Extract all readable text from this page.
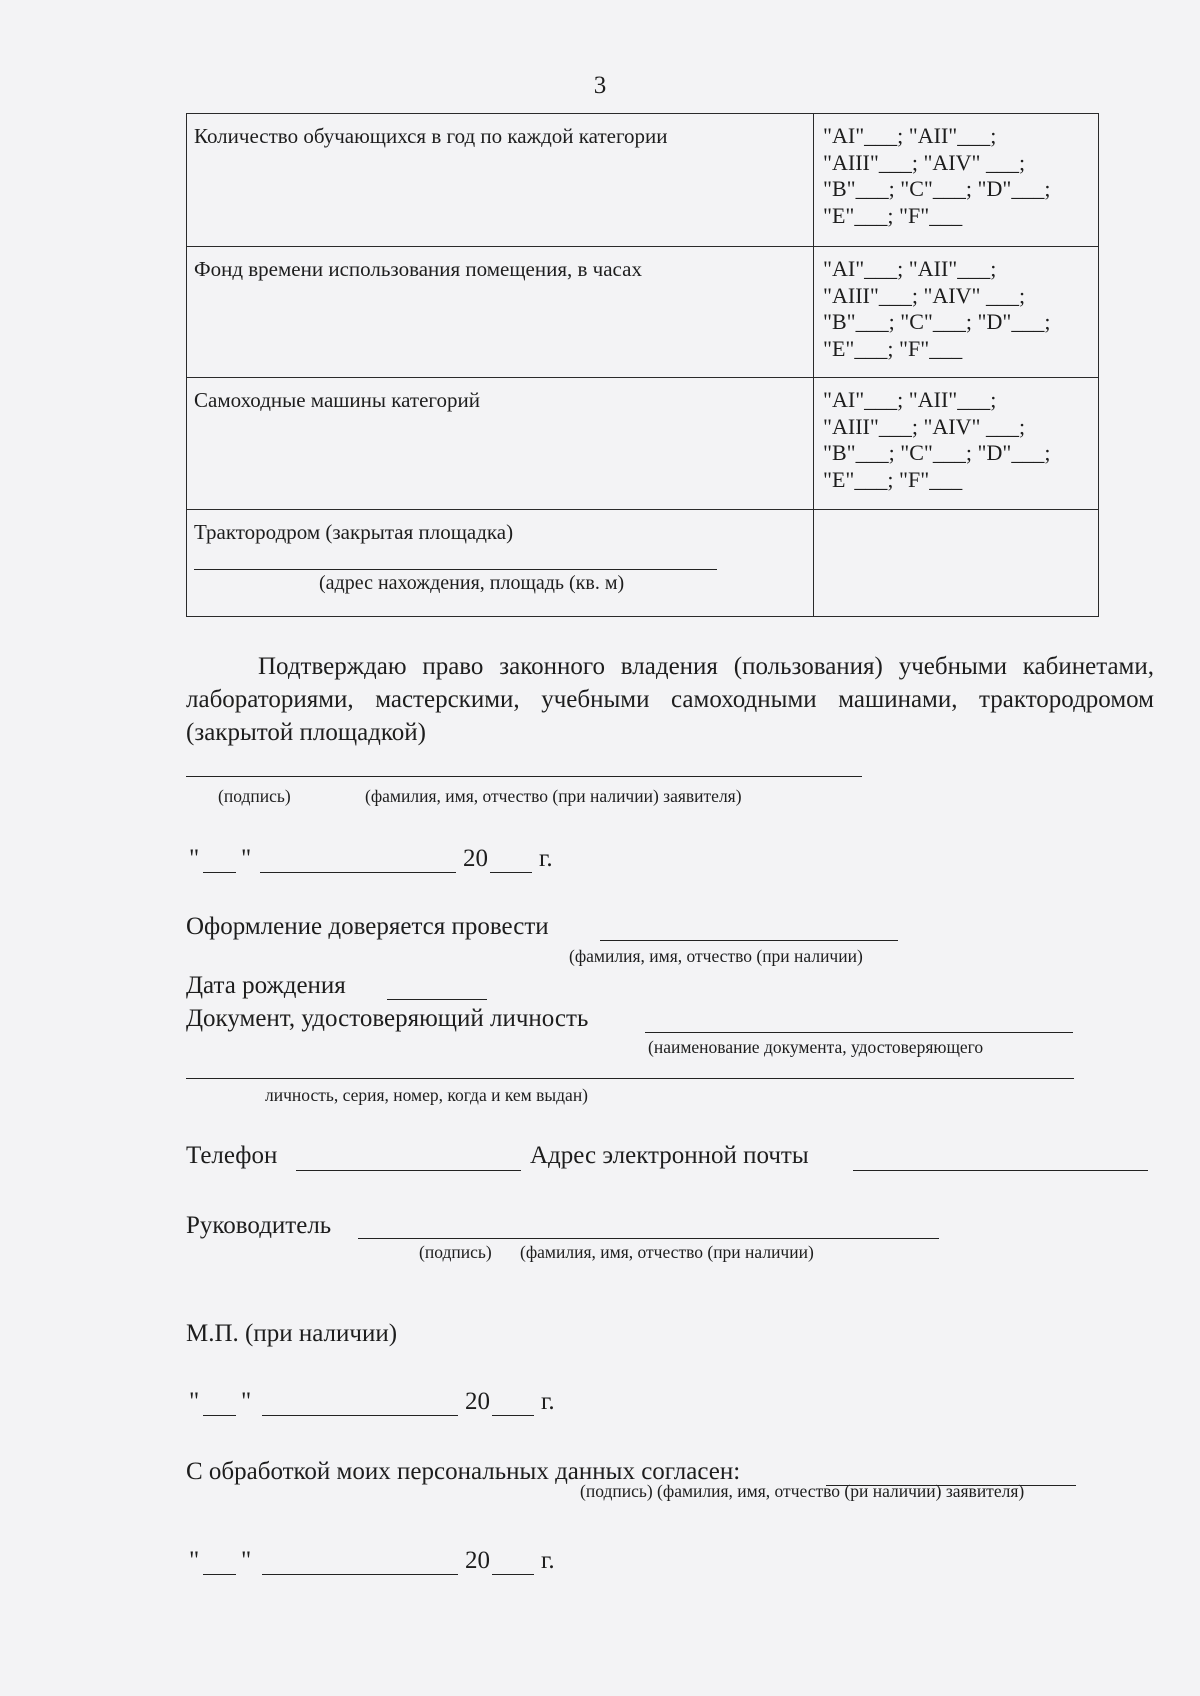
3
Количество обучающихся в год по каждой категории	"AI"___; "AII"___;
"AIII"___; "AIV" ___;
"B"___; "C"___; "D"___;
"E"___; "F"___

Фонд времени использования помещения, в часах	"AI"___; "AII"___;
"AIII"___; "AIV" ___;
"B"___; "C"___; "D"___;
"E"___; "F"___

Самоходные машины категорий	"AI"___; "AII"___;
"AIII"___; "AIV" ___;
"B"___; "C"___; "D"___;
"E"___; "F"___

Трактородром (закрытая площадка)
(адрес нахождения, площадь (кв. м)	

Подтверждаю право законного владения (пользования) учебными кабинетами, лабораториями, мастерскими, учебными самоходными машинами, трактородромом (закрытой площадкой)
(подпись)	(фамилия, имя, отчество (при наличии) заявителя)
" "	20 г.
Оформление доверяется провести
(фамилия, имя, отчество (при наличии)
Дата рождения
Документ, удостоверяющий личность
(наименование документа, удостоверяющего
личность, серия, номер, когда и кем выдан)
Телефон	Адрес электронной почты
Руководитель
(подпись) (фамилия, имя, отчество (при наличии)
М.П. (при наличии)
" "	20 г.
С обработкой моих персональных данных согласен:
(подпись) (фамилия, имя, отчество (ри наличии) заявителя)
" "	20 г.
